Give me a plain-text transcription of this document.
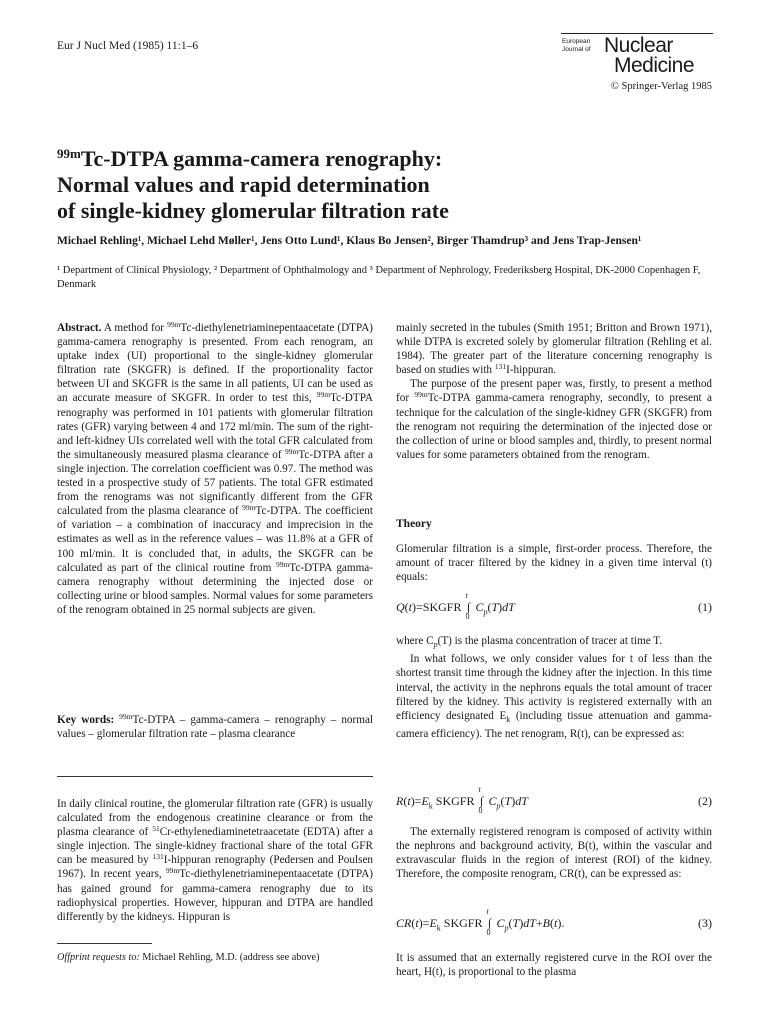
Eur J Nucl Med (1985) 11:1–6	European Journal of Nuclear
Medicine
© Springer-Verlag 1985
$^{99m}$Tc-DTPA gamma-camera renography:
Normal values and rapid determination
of single-kidney glomerular filtration rate
Michael Rehling¹, Michael Lehd Møller¹, Jens Otto Lund¹, Klaus Bo Jensen², Birger Thamdrup³ and Jens Trap-Jensen¹
¹ Department of Clinical Physiology, ² Department of Ophthalmology and ³ Department of Nephrology, Frederiksberg Hospital, DK-2000 Copenhagen F, Denmark

Abstract. A method for $^{99m}$Tc-diethylenetriaminepentaacetate (DTPA) gamma-camera renography is presented. From each renogram, an uptake index (UI) proportional to the single-kidney glomerular filtration rate (SKGFR) is defined. If the proportionality factor between UI and SKGFR is the same in all patients, UI can be used as an accurate measure of SKGFR. In order to test this, $^{99m}$Tc-DTPA renography was performed in 101 patients with glomerular filtration rates (GFR) varying between 4 and 172 ml/min. The sum of the right- and left-kidney UIs correlated well with the total GFR calculated from the simultaneously measured plasma clearance of $^{99m}$Tc-DTPA after a single injection. The correlation coefficient was 0.97. The method was tested in a prospective study of 57 patients. The total GFR estimated from the renograms was not significantly different from the GFR calculated from the plasma clearance of $^{99m}$Tc-DTPA. The coefficient of variation – a combination of inaccuracy and imprecision in the estimates as well as in the reference values – was 11.8% at a GFR of 100 ml/min. It is concluded that, in adults, the SKGFR can be calculated as part of the clinical routine from $^{99m}$Tc-DTPA gamma-camera renography without determining the injected dose or collecting urine or blood samples. Normal values for some parameters of the renogram obtained in 25 normal subjects are given.

Key words: $^{99m}$Tc-DTPA – gamma-camera – renography – normal values – glomerular filtration rate – plasma clearance

In daily clinical routine, the glomerular filtration rate (GFR) is usually calculated from the endogenous creatinine clearance or from the plasma clearance of $^{51}$Cr-ethylenediaminetetraacetate (EDTA) after a single injection. The single-kidney fractional share of the total GFR can be measured by $^{131}$I-hippuran renography (Pedersen and Poulsen 1967). In recent years, $^{99m}$Tc-diethylenetriaminepentaacetate (DTPA) has gained ground for gamma-camera renography due to its radiophysical properties. However, hippuran and DTPA are handled differently by the kidneys. Hippuran is

Offprint requests to: Michael Rehling, M.D. (address see above)

mainly secreted in the tubules (Smith 1951; Britton and Brown 1971), while DTPA is excreted solely by glomerular filtration (Rehling et al. 1984). The greater part of the literature concerning renography is based on studies with $^{131}$I-hippuran.

The purpose of the present paper was, firstly, to present a method for $^{99m}$Tc-DTPA gamma-camera renography, secondly, to present a technique for the calculation of the single-kidney GFR (SKGFR) from the renogram not requiring the determination of the injected dose or the collection of urine or blood samples and, thirdly, to present normal values for some parameters obtained from the renogram.

Theory

Glomerular filtration is a simple, first-order process. Therefore, the amount of tracer filtered by the kidney in a given time interval (t) equals:

Q(t)=SKGFR ∫
t
0
$C_p(T)dT$	(1)

where $C_p(T)$ is the plasma concentration of tracer at time T.

In what follows, we only consider values for t of less than the shortest transit time through the kidney after the injection. In this time interval, the activity in the nephrons equals the total amount of tracer filtered by the kidney. This activity is registered externally with an efficiency designated $E_k$ (including tissue attenuation and gamma-camera efficiency). The net renogram, R(t), can be expressed as:

$R(t)=E_k$ SKGFR ∫
t
0
$C_p(T)dT$	(2)

The externally registered renogram is composed of activity within the nephrons and background activity, B(t), within the vascular and extravascular fluids in the region of interest (ROI) of the kidney. Therefore, the composite renogram, CR(t), can be expressed as:

$CR(t)=E_k$ SKGFR ∫
t
0
$C_p(T)dT+B(t)$.	(3)

It is assumed that an externally registered curve in the ROI over the heart, H(t), is proportional to the plasma
